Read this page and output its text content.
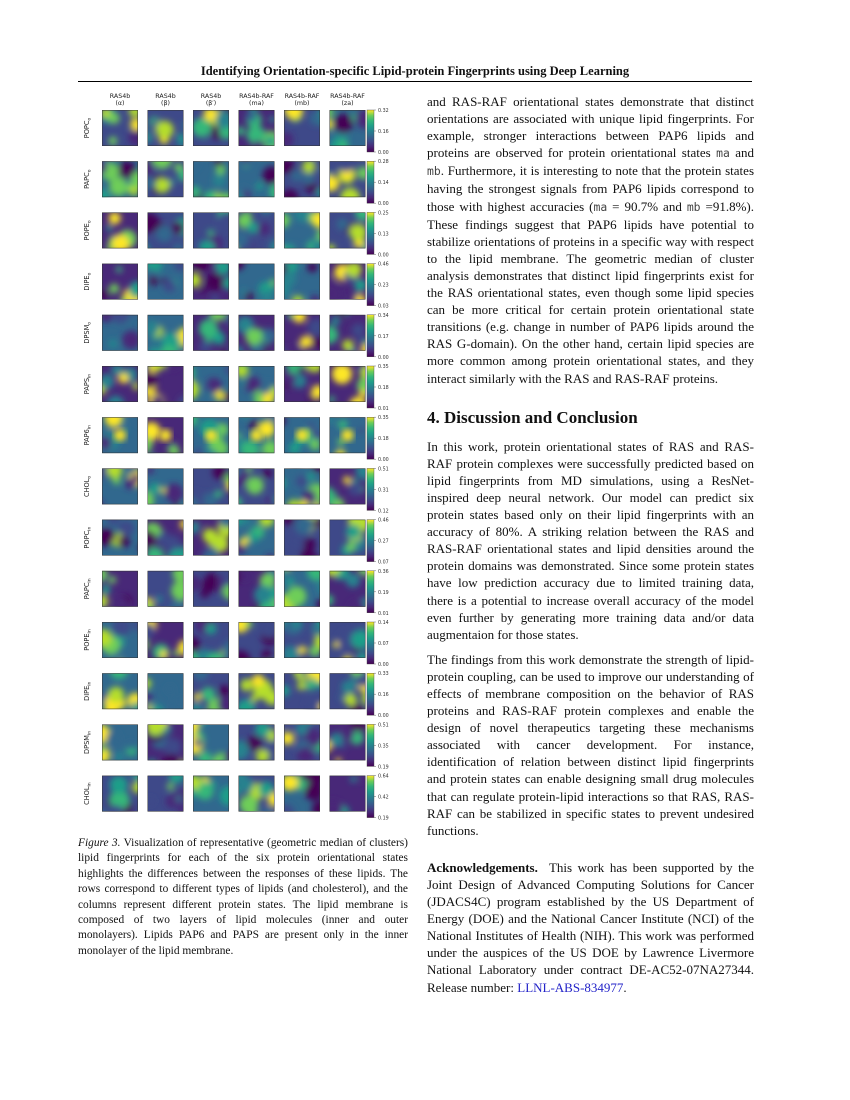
Identifying Orientation-specific Lipid-protein Fingerprints using Deep Learning
RAS4b
(α)
RAS4b
(β)
RAS4b
(β′)
RAS4b-RAF
(ma)
RAS4b-RAF
(mb)
RAS4b-RAF
(za)
$POPC_o$
0.32
0.16
0.00
$PAPC_o$
0.28
0.14
0.00
$POPE_o$
0.25
0.13
0.00
$DIPE_o$
0.46
0.23
0.03
$DPSM_o$
0.34
0.17
0.00
$PAPS_{in}$
0.35
0.18
0.01
$PAP6_{in}$
0.35
0.18
0.00
$CHOL_o$
0.51
0.31
0.12
$POPC_{in}$
0.46
0.27
0.07
$PAPC_{in}$
0.36
0.19
0.01
$POPE_{in}$
0.14
0.07
0.00
$DIPE_{in}$
0.33
0.16
0.00
$DPSM_{in}$
0.51
0.35
0.19
$CHOL_{in}$
0.64
0.42
0.19
Figure 3. Visualization of representative (geometric median of clusters) lipid fingerprints for each of the six protein orientational states highlights the differences between the responses of these lipids. The rows correspond to different types of lipids (and cholesterol), and the columns represent different protein states. The lipid membrane is composed of two layers of lipid molecules (inner and outer monolayers). Lipids PAP6 and PAPS are present only in the inner monolayer of the lipid membrane.

and RAS-RAF orientational states demonstrate that distinct orientations are associated with unique lipid fingerprints. For example, stronger interactions between PAP6 lipids and proteins are observed for protein orientational states ma and mb. Furthermore, it is interesting to note that the protein states having the strongest signals from PAP6 lipids correspond to those with highest accuracies (ma = 90.7% and mb =91.8%). These findings suggest that PAP6 lipids have potential to stabilize orientations of proteins in a specific way with respect to the lipid membrane. The geometric median of cluster analysis demonstrates that distinct lipid fingerprints exist for the RAS orientational states, even though some lipid species can be more critical for certain protein orientational state transitions (e.g. change in number of PAP6 lipids around the RAS G-domain). On the other hand, certain lipid species are more common among protein orientational states, and they interact similarly with the RAS and RAS-RAF proteins.

4. Discussion and Conclusion

In this work, protein orientational states of RAS and RAS-RAF protein complexes were successfully predicted based on lipid fingerprints from MD simulations, using a ResNet-inspired deep neural network. Our model can predict six protein states based only on their lipid fingerprints with an accuracy of 80%. A striking relation between the RAS and RAS-RAF orientational states and lipid densities around the protein domains was demonstrated. Since some protein states have low prediction accuracy due to limited training data, there is a potential to increase overall accuracy of the model even further by generating more training data and/or data augmentaion for those states.

The findings from this work demonstrate the strength of lipid-protein coupling, can be used to improve our understanding of effects of membrane composition on the behavior of RAS proteins and RAS-RAF protein complexes and enable the design of novel therapeutics targeting these mechanisms associated with cancer development. For instance, identification of relation between distinct lipid fingerprints and protein states can enable designing small drug molecules that can regulate protein-lipid interactions so that RAS, RAS-RAF can be stabilized in specific states to prevent undesired functions.

Acknowledgements. This work has been supported by the Joint Design of Advanced Computing Solutions for Cancer (JDACS4C) program established by the US Department of Energy (DOE) and the National Cancer Institute (NCI) of the National Institutes of Health (NIH). This work was performed under the auspices of the US DOE by Lawrence Livermore National Laboratory under contract DE-AC52-07NA27344. Release number: LLNL-ABS-834977.
